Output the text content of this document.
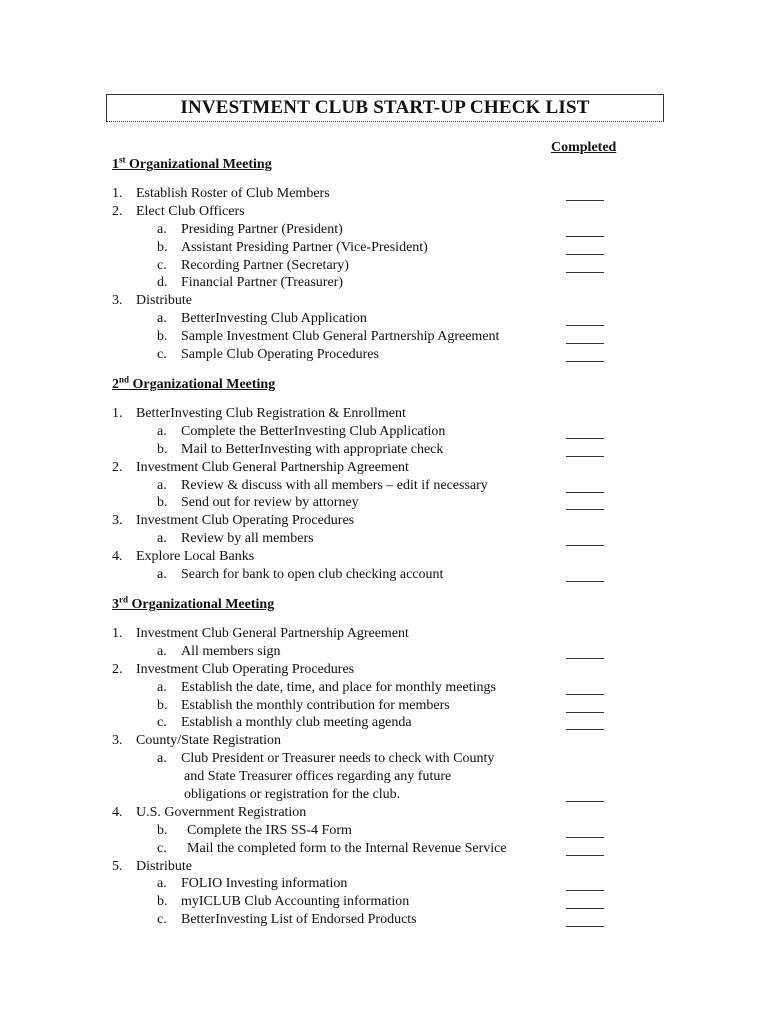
INVESTMENT CLUB START-UP CHECK LIST
Completed
1st Organizational Meeting
1. Establish Roster of Club Members
2. Elect Club Officers
a. Presiding Partner (President)
b. Assistant Presiding Partner (Vice-President)
c. Recording Partner (Secretary)
d. Financial Partner (Treasurer)
3. Distribute
a. BetterInvesting Club Application
b. Sample Investment Club General Partnership Agreement
c. Sample Club Operating Procedures
2nd Organizational Meeting
1. BetterInvesting Club Registration & Enrollment
a. Complete the BetterInvesting Club Application
b. Mail to BetterInvesting with appropriate check
2. Investment Club General Partnership Agreement
a. Review & discuss with all members – edit if necessary
b. Send out for review by attorney
3. Investment Club Operating Procedures
a. Review by all members
4. Explore Local Banks
a. Search for bank to open club checking account
3rd Organizational Meeting
1. Investment Club General Partnership Agreement
a. All members sign
2. Investment Club Operating Procedures
a. Establish the date, time, and place for monthly meetings
b. Establish the monthly contribution for members
c. Establish a monthly club meeting agenda
3. County/State Registration
a. Club President or Treasurer needs to check with County
and State Treasurer offices regarding any future
obligations or registration for the club.
4. U.S. Government Registration
b. Complete the IRS SS-4 Form
c. Mail the completed form to the Internal Revenue Service
5. Distribute
a. FOLIO Investing information
b. myICLUB Club Accounting information
c. BetterInvesting List of Endorsed Products
